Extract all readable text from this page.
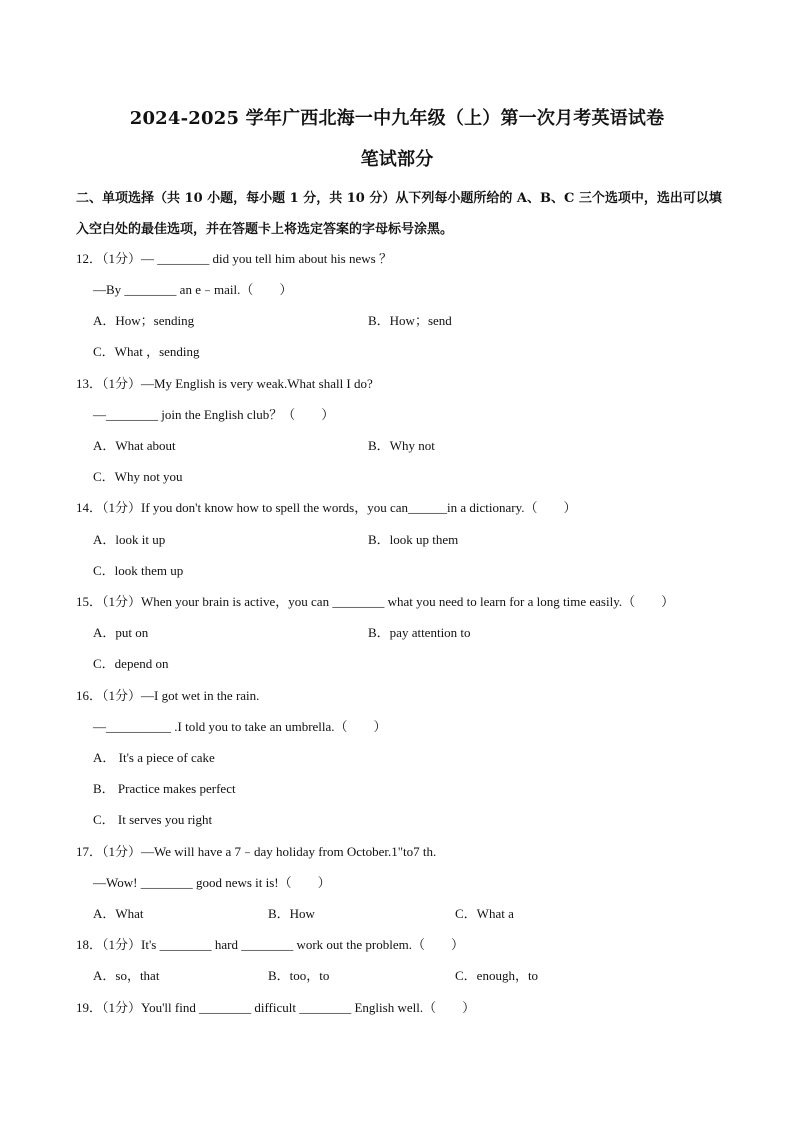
2024-2025 学年广西北海一中九年级（上）第一次月考英语试卷
笔试部分
二、单项选择（共 10 小题，每小题 1 分，共 10 分）从下列每小题所给的 A、B、C 三个选项中，选出可以填入空白处的最佳选项，并在答题卡上将选定答案的字母标号涂黑。
12．（1分）— ________ did you tell him about his news ？
—By ________ an e﹣mail.（　　）
A．How；sending	B．How；send
C．What ，sending
13．（1分）—My English is very weak.What shall I do?
—________ join the English club？（　　）
A．What about	B．Why not
C．Why not you
14．（1分）If you don't know how to spell the words，you can______in a dictionary.（　　）
A．look it up	B．look up them
C．look them up
15．（1分）When your brain is active，you can ________ what you need to learn for a long time easily.（　　）
A．put on	B．pay attention to
C．depend on
16．（1分）—I got wet in the rain.
—__________ .I told you to take an umbrella.（　　）
A． It's a piece of cake
B． Practice makes perfect
C． It serves you right
17．（1分）—We will have a 7﹣day holiday from October.1"to7 th.
—Wow! ________ good news it is!（　　）
A．What	B．How	C．What a
18．（1分）It's ________ hard ________ work out the problem.（　　）
A．so，that	B．too，to	C．enough，to
19．（1分）You'll find ________ difficult ________ English well.（　　）
